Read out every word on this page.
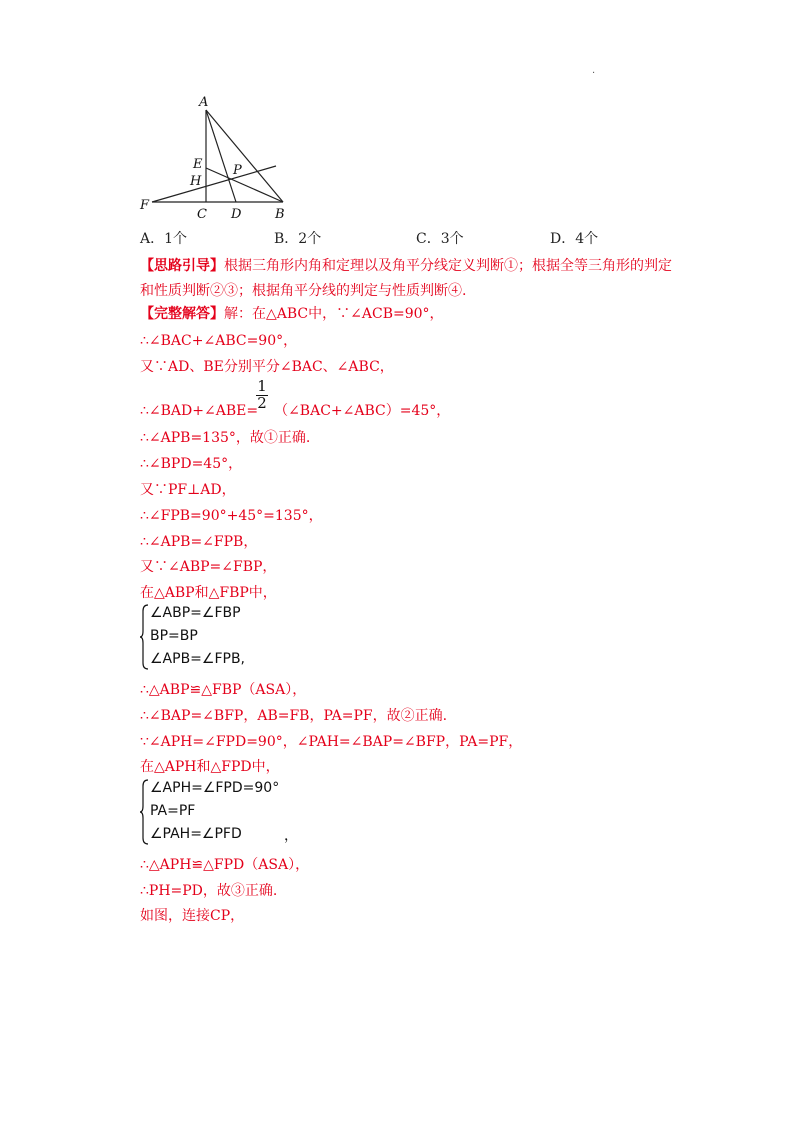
·
A
E P
H
F
C D	B
A．1个	B．2个	C．3个	D．4个
【思路引导】根据三角形内角和定理以及角平分线定义判断①；根据全等三角形的判定
和性质判断②③；根据角平分线的判定与性质判断④.
【完整解答】解：在△ABC中，∵∠ACB=90°，
∴∠BAC+∠ABC=90°，
又∵AD、BE分别平分∠BAC、∠ABC，
1
2
∴∠BAD+∠ABE= （∠BAC+∠ABC）=45°，
∴∠APB=135°，故①正确.
∴∠BPD=45°，
又∵PF⊥AD，
∴∠FPB=90°+45°=135°，
∴∠APB=∠FPB，
又∵∠ABP=∠FBP，
在△ABP和△FBP中，
∠ABP=∠FBP
BP=BP
∠APB=∠FPB,
∴△ABP≌△FBP（ASA），
∴∠BAP=∠BFP，AB=FB，PA=PF，故②正确.
∵∠APH=∠FPD=90°，∠PAH=∠BAP=∠BFP，PA=PF，
在△APH和△FPD中，
∠APH=∠FPD=90°
PA=PF
∠PAH=∠PFD	，
∴△APH≌△FPD（ASA），
∴PH=PD，故③正确.
如图，连接CP，
